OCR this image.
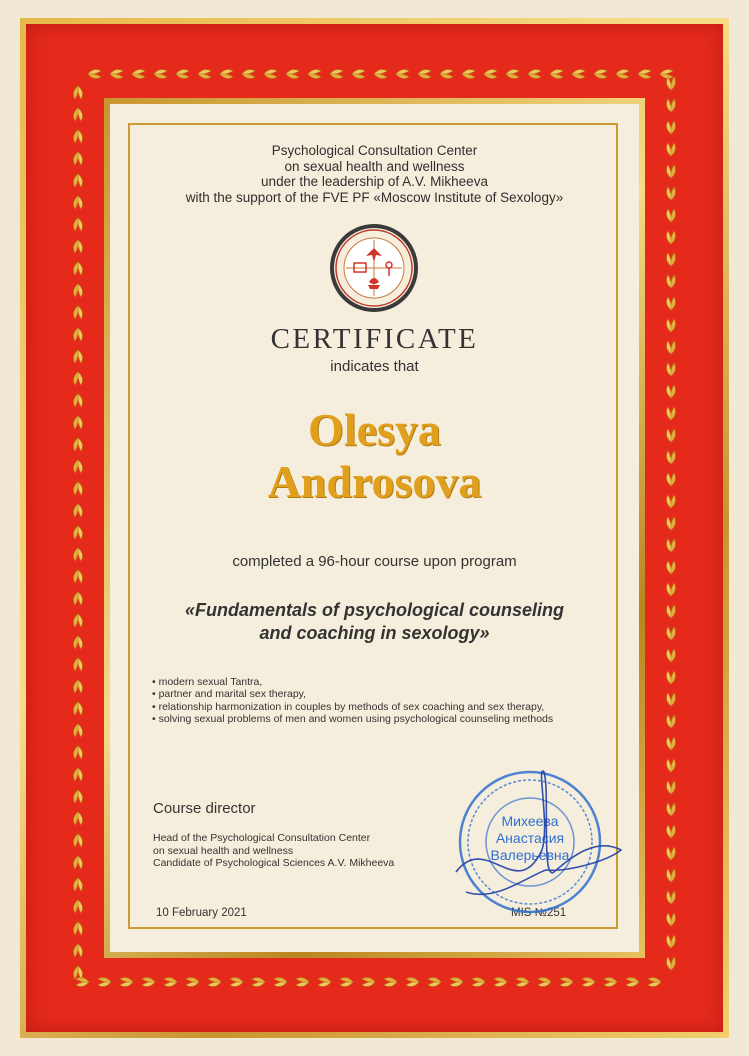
Psychological Consultation Center
on sexual health and wellness
under the leadership of A.V. Mikheeva
with the support of the FVE PF «Moscow Institute of Sexology»
CERTIFICATE
indicates that
Olesya
Androsova
completed a 96-hour course upon program
«Fundamentals of psychological counseling
and coaching in sexology»
• modern sexual Tantra,
• partner and marital sex therapy,
• relationship harmonization in couples by methods of sex coaching and sex therapy,
• solving sexual problems of men and women using psychological counseling methods
Course director
Head of the Psychological Consultation Center
on sexual health and wellness
Candidate of Psychological Sciences A.V. Mikheeva
10 February 2021	MIS №251
Михеева
Анастасия
Валерьевна
